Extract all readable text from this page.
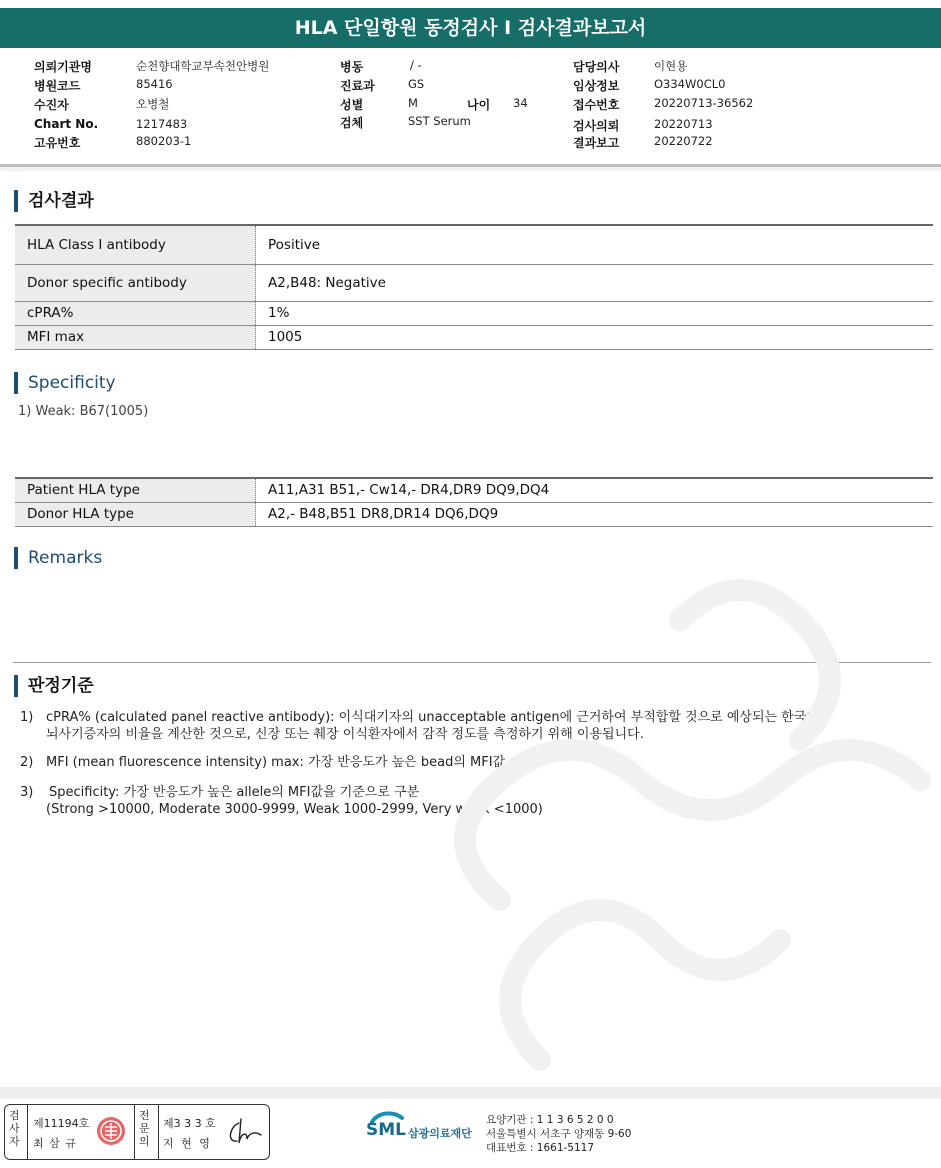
HLA 단일항원 동정검사 I 검사결과보고서
의뢰기관명	순천향대학교부속천안병원
병원코드	85416
수진자	오병철
Chart No.	1217483
고유번호	880203-1
병동	/ -
진료과	GS
성별	M	나이 34
검체	SST Serum
담당의사	이현용
임상정보	O334W0CL0
접수번호	20220713-36562
검사의뢰	20220713
결과보고	20220722
검사결과
HLA Class I antibody	Positive
Donor specific antibody	A2,B48: Negative
cPRA%	1%
MFI max	1005
Specificity
1) Weak: B67(1005)
Patient HLA type	A11,A31 B51,- Cw14,- DR4,DR9 DQ9,DQ4
Donor HLA type	A2,- B48,B51 DR8,DR14 DQ6,DQ9
Remarks
판정기준
1) cPRA% (calculated panel reactive antibody): 이식대기자의 unacceptable antigen에 근거하여 부적합할 것으로 예상되는 한국인
뇌사기증자의 비율을 계산한 것으로, 신장 또는 췌장 이식환자에서 감작 정도를 측정하기 위해 이용됩니다.
2) MFI (mean fluorescence intensity) max: 가장 반응도가 높은 bead의 MFI값
3) Specificity: 가장 반응도가 높은 allele의 MFI값을 기준으로 구분
(Strong >10000, Moderate 3000-9999, Weak 1000-2999, Very weak <1000)
검사자
제11194호
최 삼 규
전문의
제3 3 3 호
지 현 영
SML 삼광의료재단
요양기관 : 1 1 3 6 5 2 0 0
서울특별시 서초구 양재동 9-60
대표번호 : 1661-5117
